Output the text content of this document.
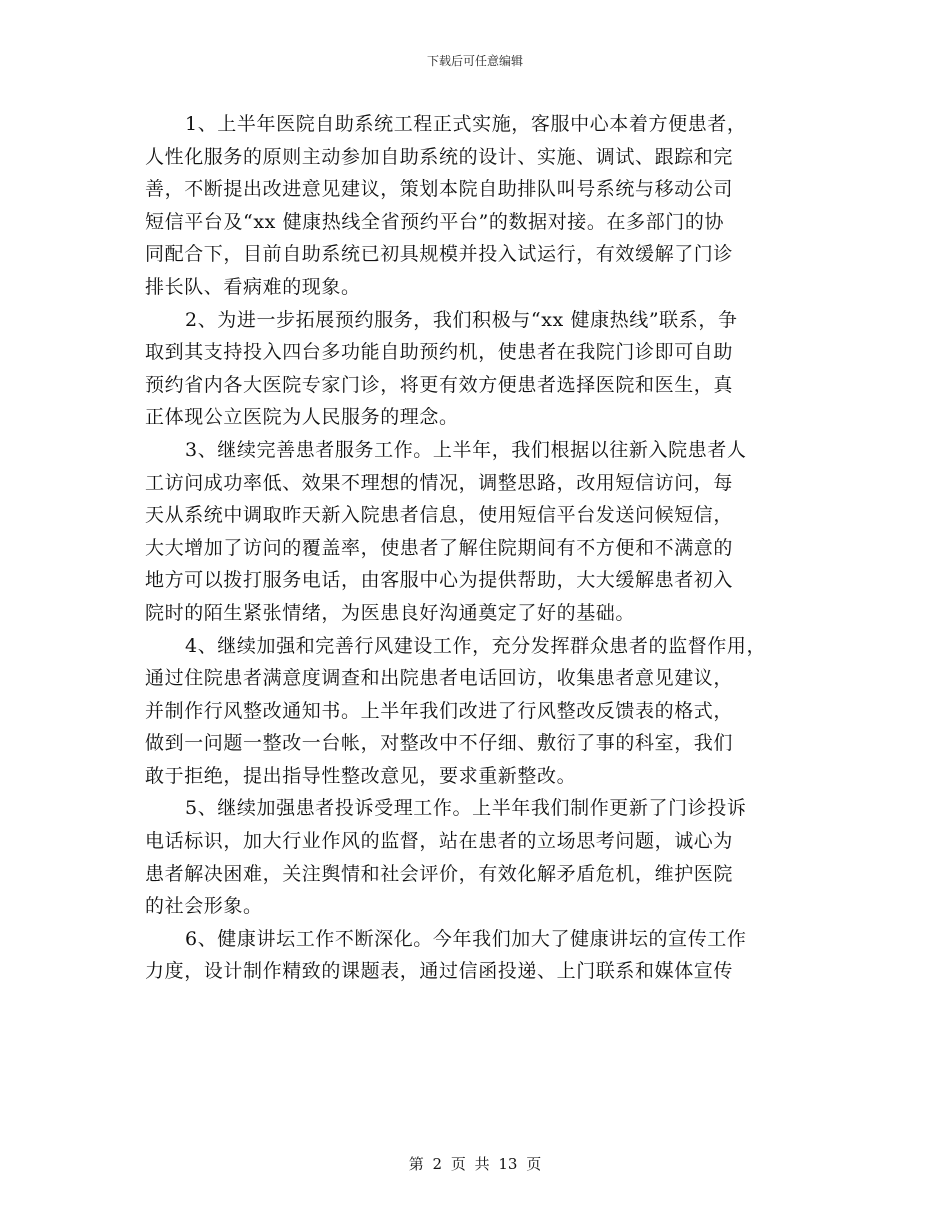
下载后可任意编辑
1、上半年医院自助系统工程正式实施，客服中心本着方便患者，
人性化服务的原则主动参加自助系统的设计、实施、调试、跟踪和完
善，不断提出改进意见建议，策划本院自助排队叫号系统与移动公司
短信平台及“xx 健康热线全省预约平台”的数据对接。在多部门的协
同配合下，目前自助系统已初具规模并投入试运行，有效缓解了门诊
排长队、看病难的现象。
2、为进一步拓展预约服务，我们积极与“xx 健康热线”联系，争
取到其支持投入四台多功能自助预约机，使患者在我院门诊即可自助
预约省内各大医院专家门诊，将更有效方便患者选择医院和医生，真
正体现公立医院为人民服务的理念。
3、继续完善患者服务工作。上半年，我们根据以往新入院患者人
工访问成功率低、效果不理想的情况，调整思路，改用短信访问，每
天从系统中调取昨天新入院患者信息，使用短信平台发送问候短信，
大大增加了访问的覆盖率，使患者了解住院期间有不方便和不满意的
地方可以拨打服务电话，由客服中心为提供帮助，大大缓解患者初入
院时的陌生紧张情绪，为医患良好沟通奠定了好的基础。
4、继续加强和完善行风建设工作，充分发挥群众患者的监督作用，
通过住院患者满意度调查和出院患者电话回访，收集患者意见建议，
并制作行风整改通知书。上半年我们改进了行风整改反馈表的格式，
做到一问题一整改一台帐，对整改中不仔细、敷衍了事的科室，我们
敢于拒绝，提出指导性整改意见，要求重新整改。
5、继续加强患者投诉受理工作。上半年我们制作更新了门诊投诉
电话标识，加大行业作风的监督，站在患者的立场思考问题，诚心为
患者解决困难，关注舆情和社会评价，有效化解矛盾危机，维护医院
的社会形象。
6、健康讲坛工作不断深化。今年我们加大了健康讲坛的宣传工作
力度，设计制作精致的课题表，通过信函投递、上门联系和媒体宣传
第 2 页 共 13 页
